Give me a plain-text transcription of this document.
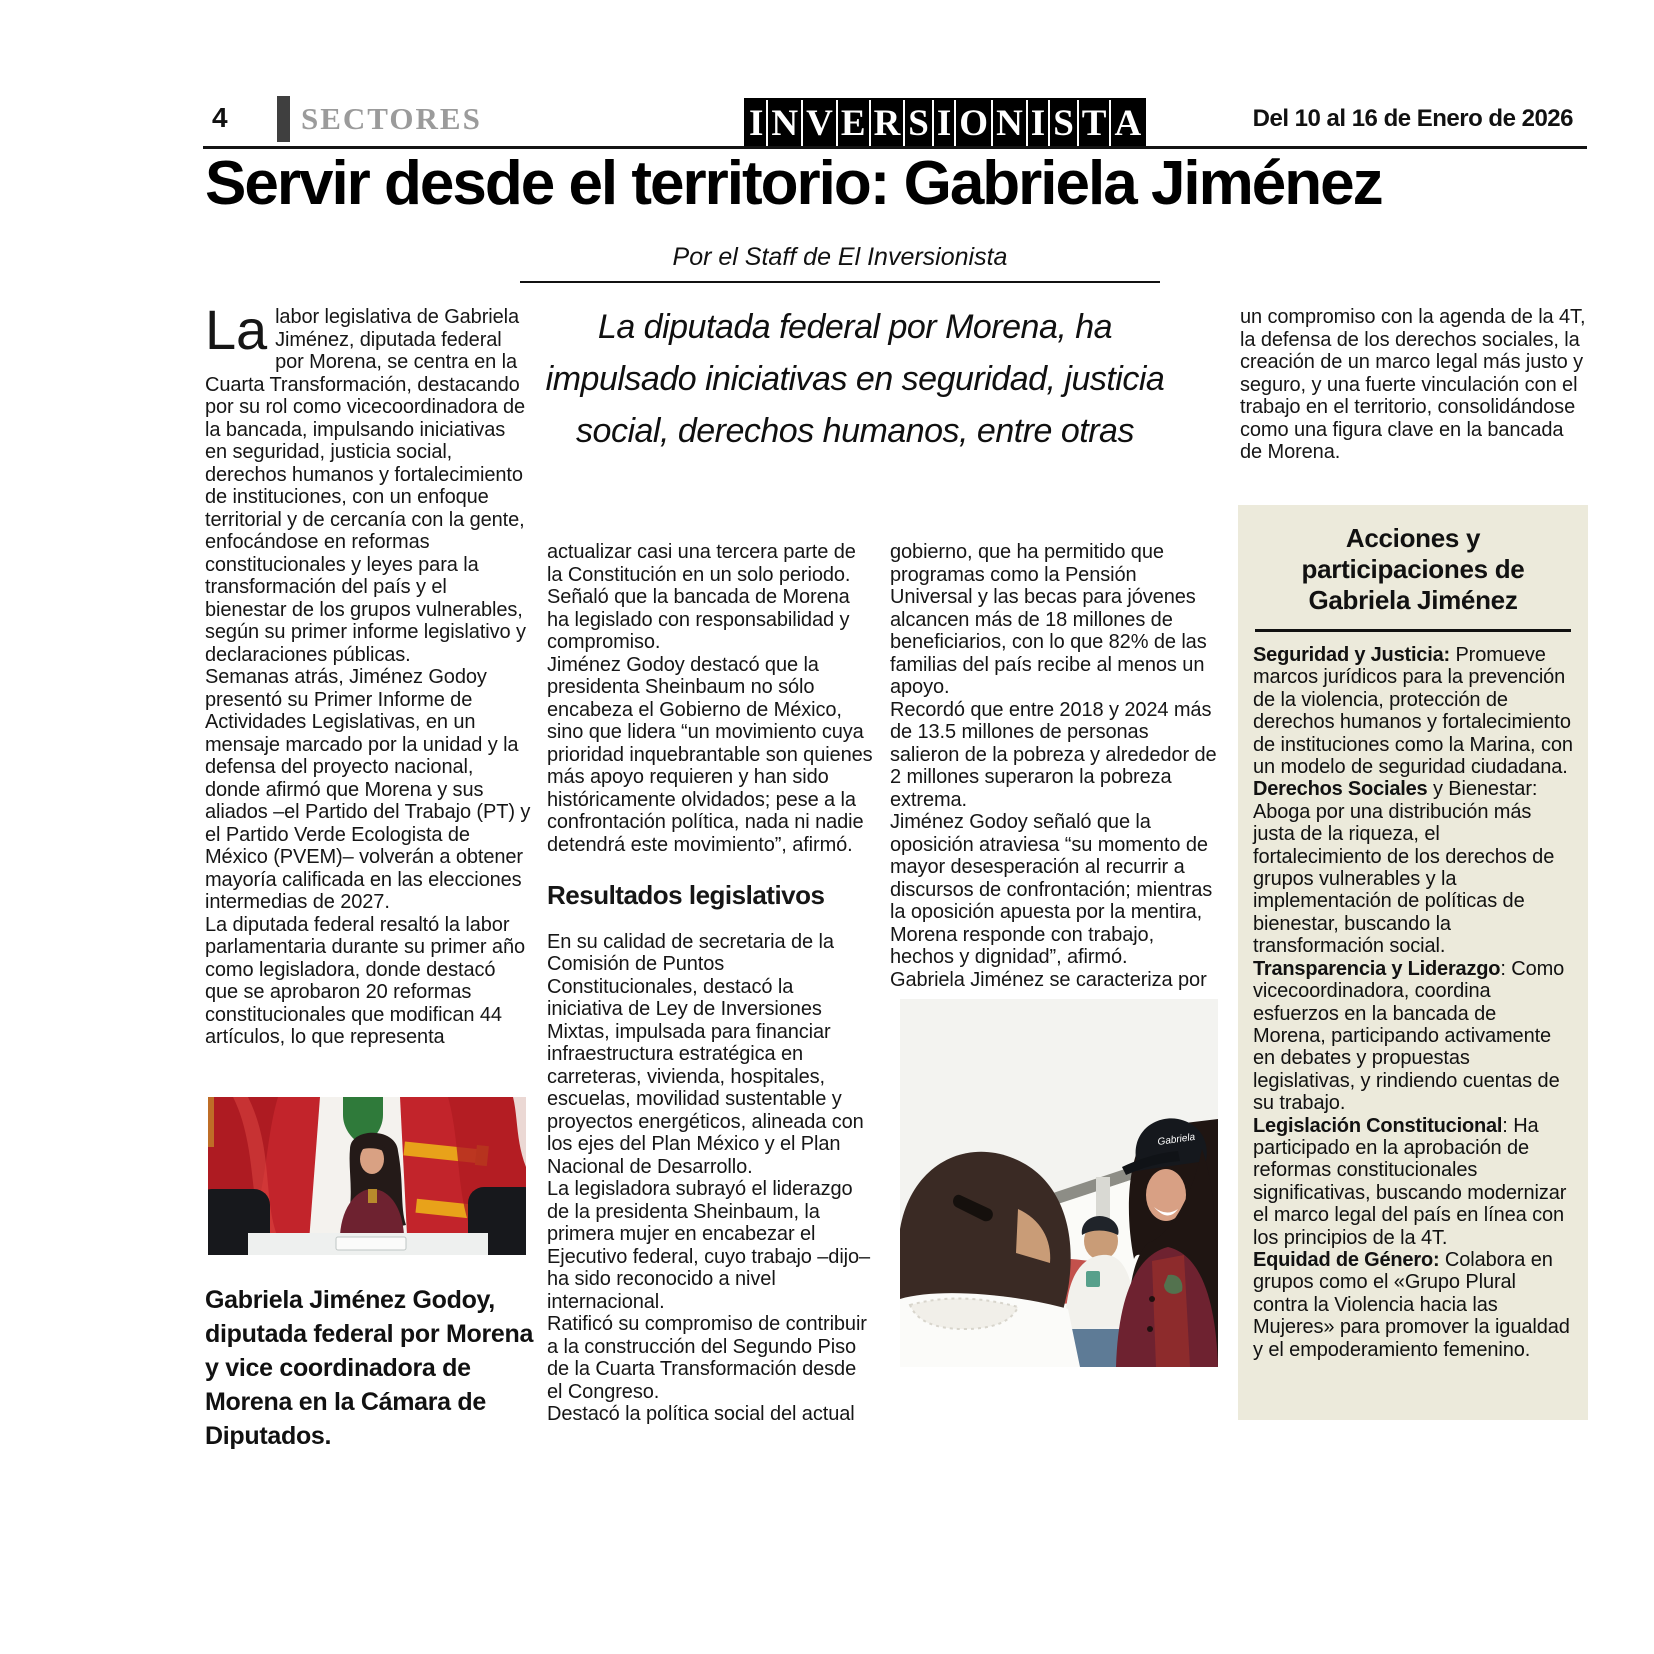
4 SECTORES	I N V E R S I O N I S T A	Del 10 al 16 de Enero de 2026
Servir desde el territorio: Gabriela Jiménez
Por el Staff de El Inversionista
La diputada federal por Morena, ha impulsado iniciativas en seguridad, justicia social, derechos humanos, entre otras

La labor legislativa de Gabriela Jiménez, diputada federal por Morena, se centra en la Cuarta Transformación, destacando por su rol como vicecoordinadora de la bancada, impulsando iniciativas en seguridad, justicia social, derechos humanos y fortalecimiento de instituciones, con un enfoque territorial y de cercanía con la gente, enfocándose en reformas constitucionales y leyes para la transformación del país y el bienestar de los grupos vulnerables, según su primer informe legislativo y declaraciones públicas.

Semanas atrás, Jiménez Godoy presentó su Primer Informe de Actividades Legislativas, en un mensaje marcado por la unidad y la defensa del proyecto nacional, donde afirmó que Morena y sus aliados –el Partido del Trabajo (PT) y el Partido Verde Ecologista de México (PVEM)– volverán a obtener mayoría calificada en las elecciones intermedias de 2027.

La diputada federal resaltó la labor parlamentaria durante su primer año como legisladora, donde destacó que se aprobaron 20 reformas constitucionales que modifican 44 artículos, lo que representa

actualizar casi una tercera parte de la Constitución en un solo periodo. Señaló que la bancada de Morena ha legislado con responsabilidad y compromiso.

Jiménez Godoy destacó que la presidenta Sheinbaum no sólo encabeza el Gobierno de México, sino que lidera “un movimiento cuya prioridad inquebrantable son quienes más apoyo requieren y han sido históricamente olvidados; pese a la confrontación política, nada ni nadie detendrá este movimiento”, afirmó.

Resultados legislativos

En su calidad de secretaria de la Comisión de Puntos Constitucionales, destacó la iniciativa de Ley de Inversiones Mixtas, impulsada para financiar infraestructura estratégica en carreteras, vivienda, hospitales, escuelas, movilidad sustentable y proyectos energéticos, alineada con los ejes del Plan México y el Plan Nacional de Desarrollo.

La legisladora subrayó el liderazgo de la presidenta Sheinbaum, la primera mujer en encabezar el Ejecutivo federal, cuyo trabajo –dijo– ha sido reconocido a nivel internacional.

Ratificó su compromiso de contribuir a la construcción del Segundo Piso de la Cuarta Transformación desde el Congreso.

Destacó la política social del actual

gobierno, que ha permitido que programas como la Pensión Universal y las becas para jóvenes alcancen más de 18 millones de beneficiarios, con lo que 82% de las familias del país recibe al menos un apoyo.

Recordó que entre 2018 y 2024 más de 13.5 millones de personas salieron de la pobreza y alrededor de 2 millones superaron la pobreza extrema.

Jiménez Godoy señaló que la oposición atraviesa “su momento de mayor desesperación al recurrir a discursos de confrontación; mientras la oposición apuesta por la mentira, Morena responde con trabajo, hechos y dignidad”, afirmó.

Gabriela Jiménez se caracteriza por

un compromiso con la agenda de la 4T, la defensa de los derechos sociales, la creación de un marco legal más justo y seguro, y una fuerte vinculación con el trabajo en el territorio, consolidándose como una figura clave en la bancada de Morena.

Acciones y participaciones de Gabriela Jiménez

Seguridad y Justicia: Promueve marcos jurídicos para la prevención de la violencia, protección de derechos humanos y fortalecimiento de instituciones como la Marina, con un modelo de seguridad ciudadana.

Derechos Sociales y Bienestar: Aboga por una distribución más justa de la riqueza, el fortalecimiento de los derechos de grupos vulnerables y la implementación de políticas de bienestar, buscando la transformación social.

Transparencia y Liderazgo: Como vicecoordinadora, coordina esfuerzos en la bancada de Morena, participando activamente en debates y propuestas legislativas, y rindiendo cuentas de su trabajo.

Legislación Constitucional: Ha participado en la aprobación de reformas constitucionales significativas, buscando modernizar el marco legal del país en línea con los principios de la 4T.

Equidad de Género: Colabora en grupos como el «Grupo Plural contra la Violencia hacia las Mujeres» para promover la igualdad y el empoderamiento femenino.

Gabriela Jiménez Godoy, diputada federal por Morena y vice coordinadora de Morena en la Cámara de Diputados.
Gabriela
